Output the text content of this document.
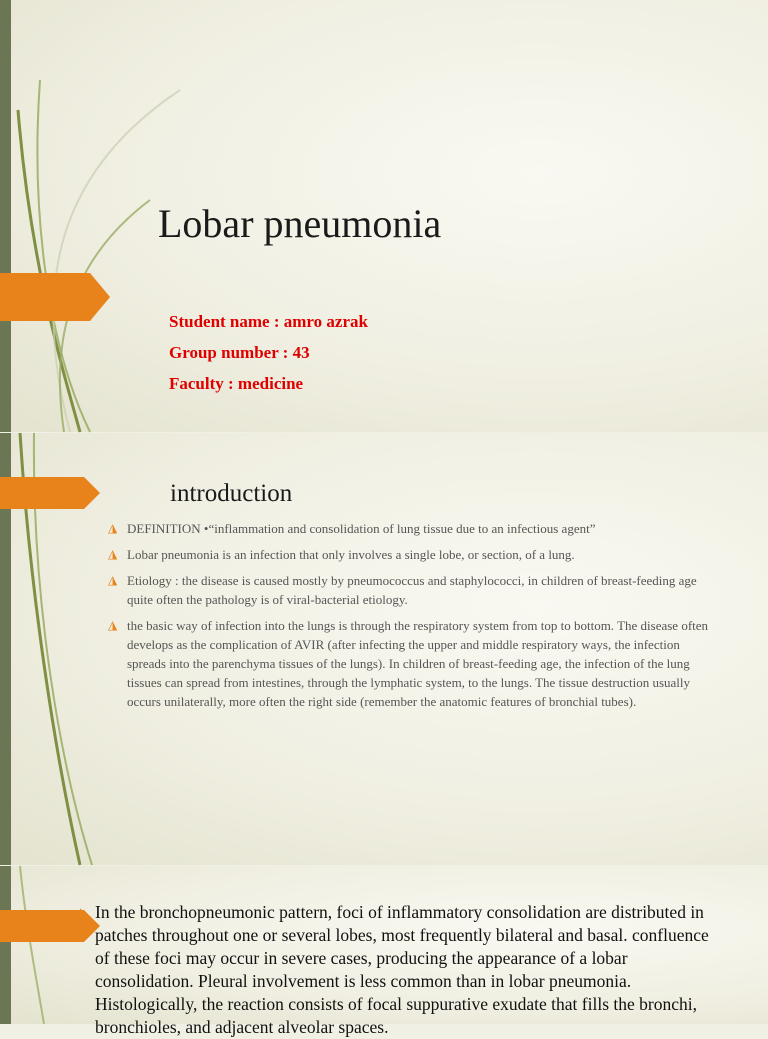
Lobar pneumonia
Student name : amro azrak
Group number : 43
Faculty : medicine
introduction
◮ DEFINITION •“inflammation and consolidation of lung tissue due to an infectious agent”
◮ Lobar pneumonia is an infection that only involves a single lobe, or section, of a lung.
◮ Etiology : the disease is caused mostly by pneumococcus and staphylococci, in children of breast-feeding age quite often the pathology is of viral-bacterial etiology.
◮ the basic way of infection into the lungs is through the respiratory system from top to bottom. The disease often develops as the complication of AVIR (after infecting the upper and middle respiratory ways, the infection spreads into the parenchyma tissues of the lungs). In children of breast-feeding age, the infection of the lung tissues can spread from intestines, through the lymphatic system, to the lungs. The tissue destruction usually occurs unilaterally, more often the right side (remember the anatomic features of bronchial tubes).
◮ In the bronchopneumonic pattern, foci of inflammatory consolidation are distributed in patches throughout one or several lobes, most frequently bilateral and basal. confluence of these foci may occur in severe cases, producing the appearance of a lobar consolidation. Pleural involvement is less common than in lobar pneumonia. Histologically, the reaction consists of focal suppurative exudate that fills the bronchi, bronchioles, and adjacent alveolar spaces.
